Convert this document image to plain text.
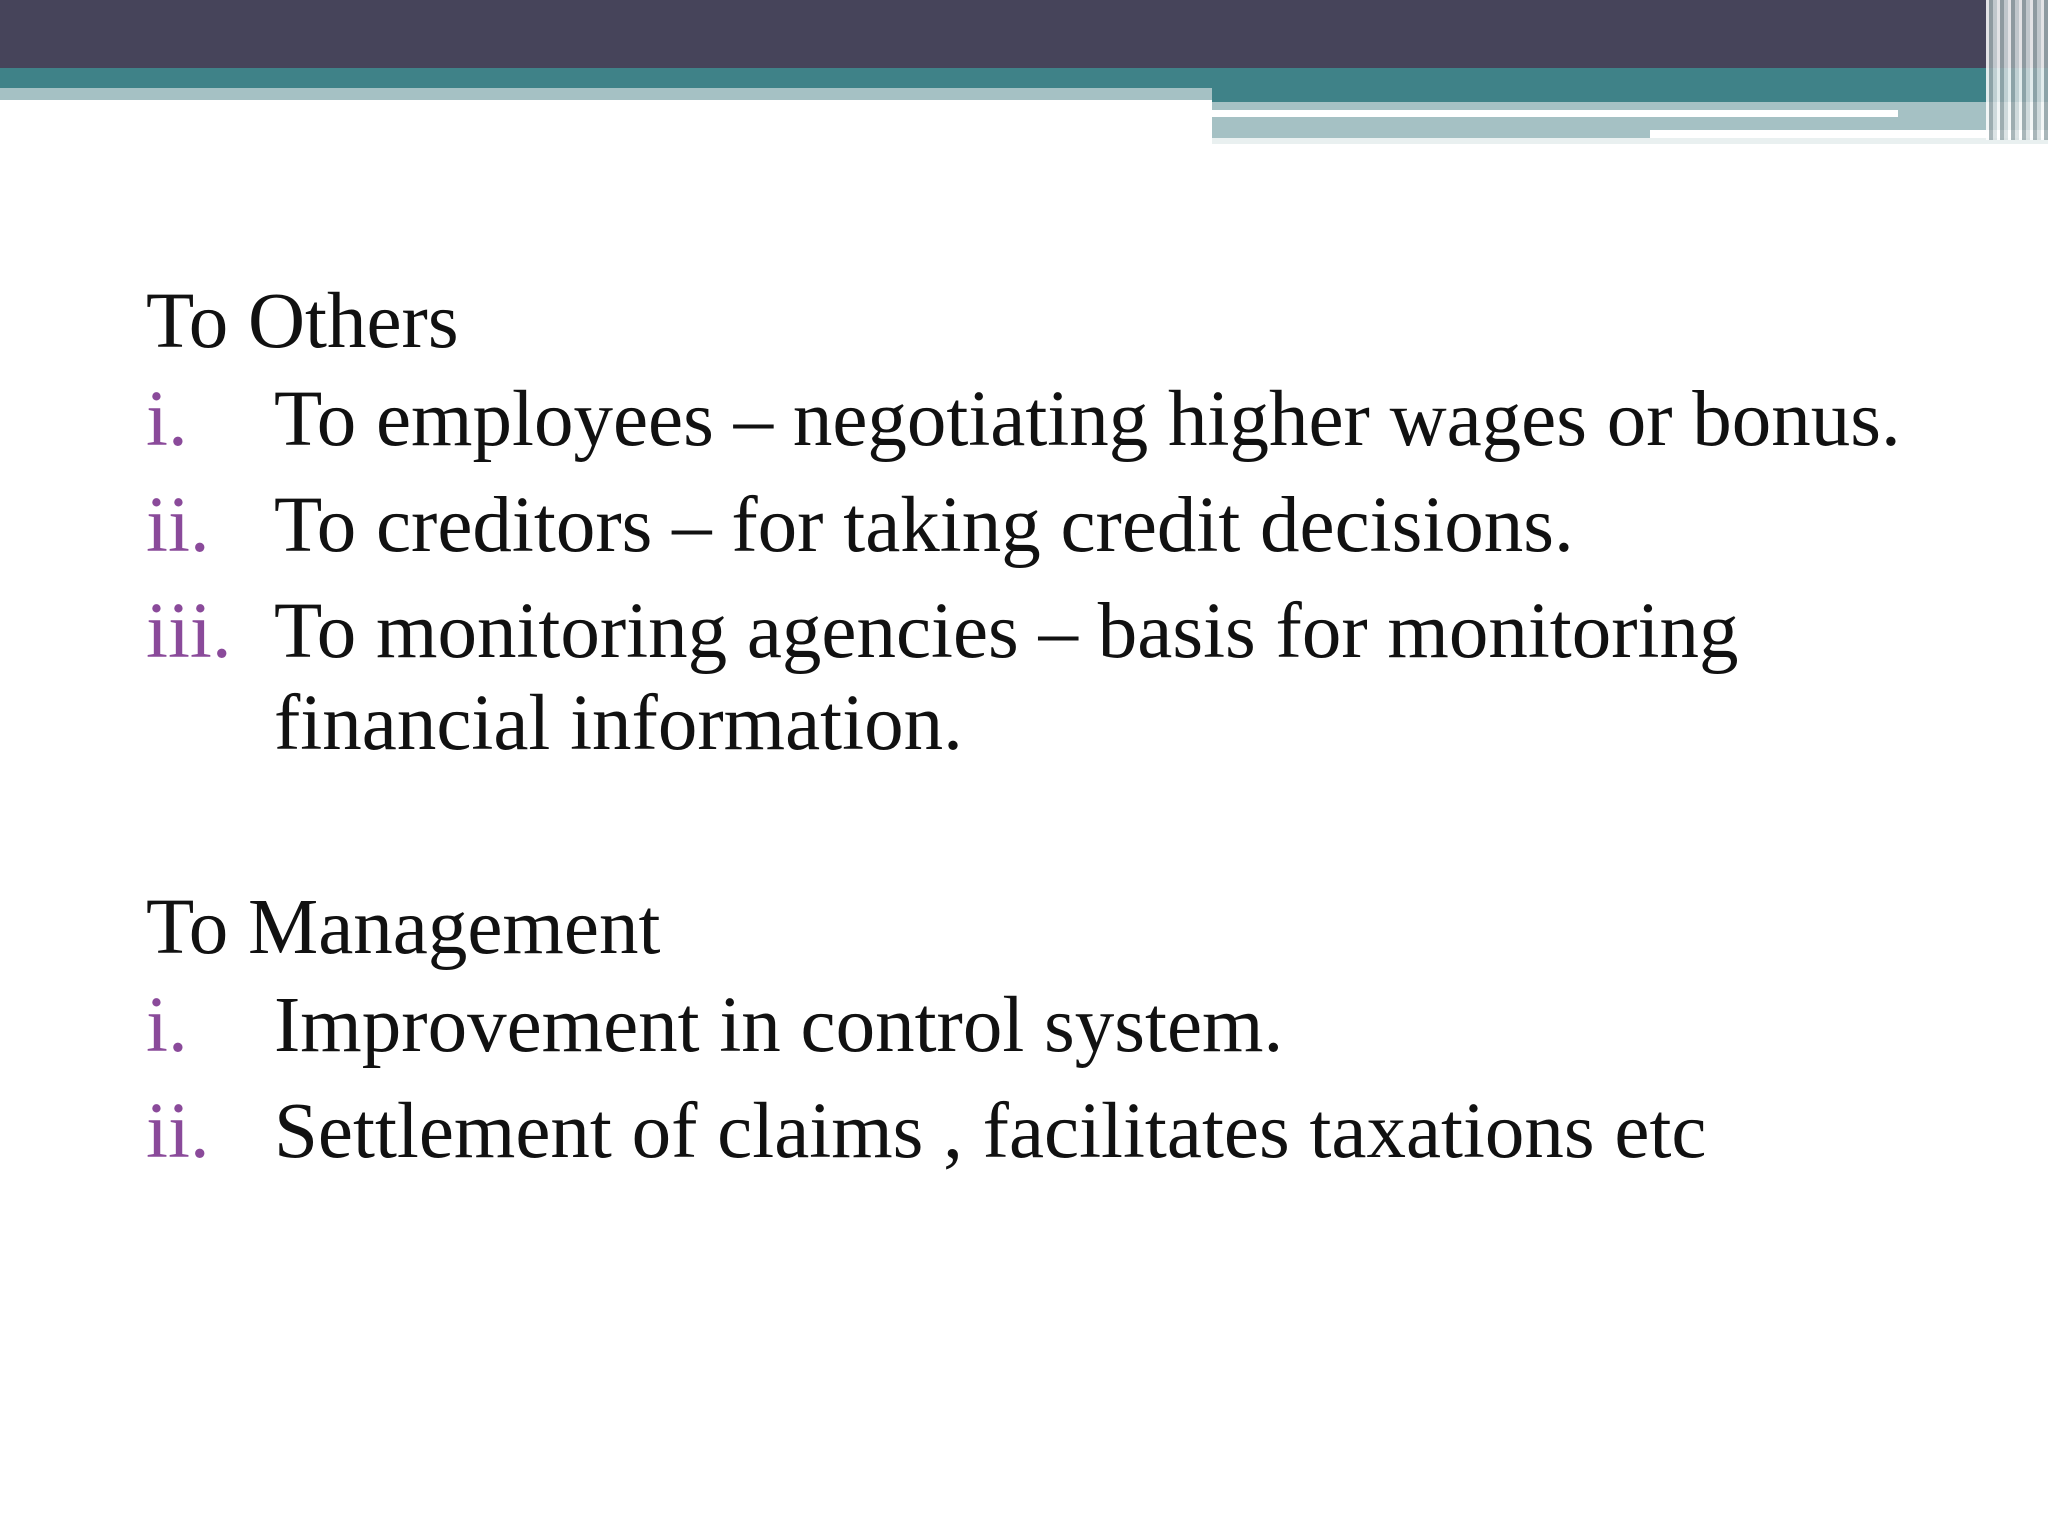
To Others

i.	To employees – negotiating higher wages or bonus.
ii. To creditors – for taking credit decisions.
iii. To monitoring agencies – basis for monitoring financial information.

To Management

i.	Improvement in control system.
ii. Settlement of claims , facilitates taxations etc
